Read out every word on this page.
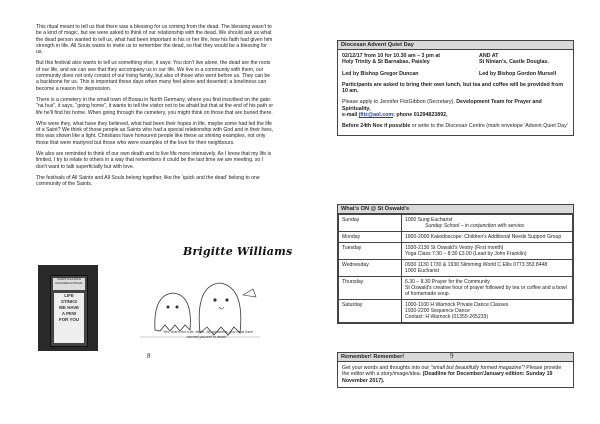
This ritual meant to tell us that there was a blessing for us coming from the dead. The blessing wasn't to be a kind of magic, but we were asked to think of our relationship with the dead. We should ask us what the dead person wanted to tell us, what had been important in his or her life, how his faith had given him strength in life. All Souls wants to invite us to remember the dead, so that they would be a blessing for us.

But this festival also wants to tell us something else, it says: You don't live alone, the dead are the roots of our life, and we can see that they accompany us in our life. We live in a community with them, our community does not only consist of our living family, but also of those who went before us. They can be a backbone for us. This is important these days when many feel alone and deserted; a loneliness can become a reason for depression.

There is a cemetery in the small town of Bosau in North Germany, where you find inscribed on the gate: "na hus", it says, "going home", it wants to tell the visitor not to be afraid but that at the end of his path or life he'll find his home. When going through the cemetery, you might think on those that are buried there.

Who were they, what have they believed, what had been their hopes in life, maybe some had led the life of a Saint? We think of those people as Saints who had a special relationship with God and in their lives, this was shown like a light. Christians have honoured people like these as shining examples, not only those that were martyred but those who were examples of the love for their neighbours.

We also are reminded to think of our own death and to live life more intensively. As I know that my life is limited, I try to relate to others in a way that remembers it could be the last time we are meeting, so I don't want to talk superficially but with love.

The festivals of All Saints and All Souls belong together, like the 'quick and the dead' belong to one community of the Saints.

Brigitte Williams
CHRISTCHURCH CONGREGATIONAL
LIFE
STINKS
WE HAVE
A PEW
FOR YOU
"Yes, that's not a tie, either. My goodness, you must have worried yourself to death."
8
Diocesan Advent Quiet Day
02/12/17 from 10 for 10.30 am – 3 pm at	AND AT
Holy Trinity & St Barnabas, Paisley	St Ninian's, Castle Douglas.
Led by Bishop Gregor Duncan	Led by Bishop Gordon Mursell

Participants are asked to bring their own lunch, but tea and coffee will be provided from 10 am.

Please apply to Jennifer FitzGibbon (Secretary), Development Team for Prayer and Spirituality,
e-mail jfitz@aol.com; phone 01294823892,

Before 24th Nov if possible or write to the Diocesan Centre (mark envelope 'Advent Quiet Day'

What's ON @ St Oswald's
Sunday	1000 Sung Eucharist
Sunday School – in conjunction with service

Monday	1800-2000 Kaleidoscope: Children's Additional Needs Support Group

Tuesday	1930-2130 St Oswald's Vestry (First month)
Yoga Class 7:30 – 8:30 £3.00 (Lead by John Franklin)

Wednesday	0930 1130 1730 & 1930 Slimming World C Ellis 0773 353 8448
1000 Eucharist

Thursday	6.30 – 8.30 Prayer for the Community
St Oswald's creative hour of prayer followed by tea or coffee and a bowl of homemade soup.

Saturday	1000-1100 H Warnock Private Dance Classes
1930-2200 Sequence Dance
Contact: H Warnock (01355-265233)
Remember! Remember!
Get your words and thoughts into our "small but beautifully formed magazine"! Please provide the editor with a story/image/idea. (Deadline for December/January edition: Sunday 19 November 2017).
9
